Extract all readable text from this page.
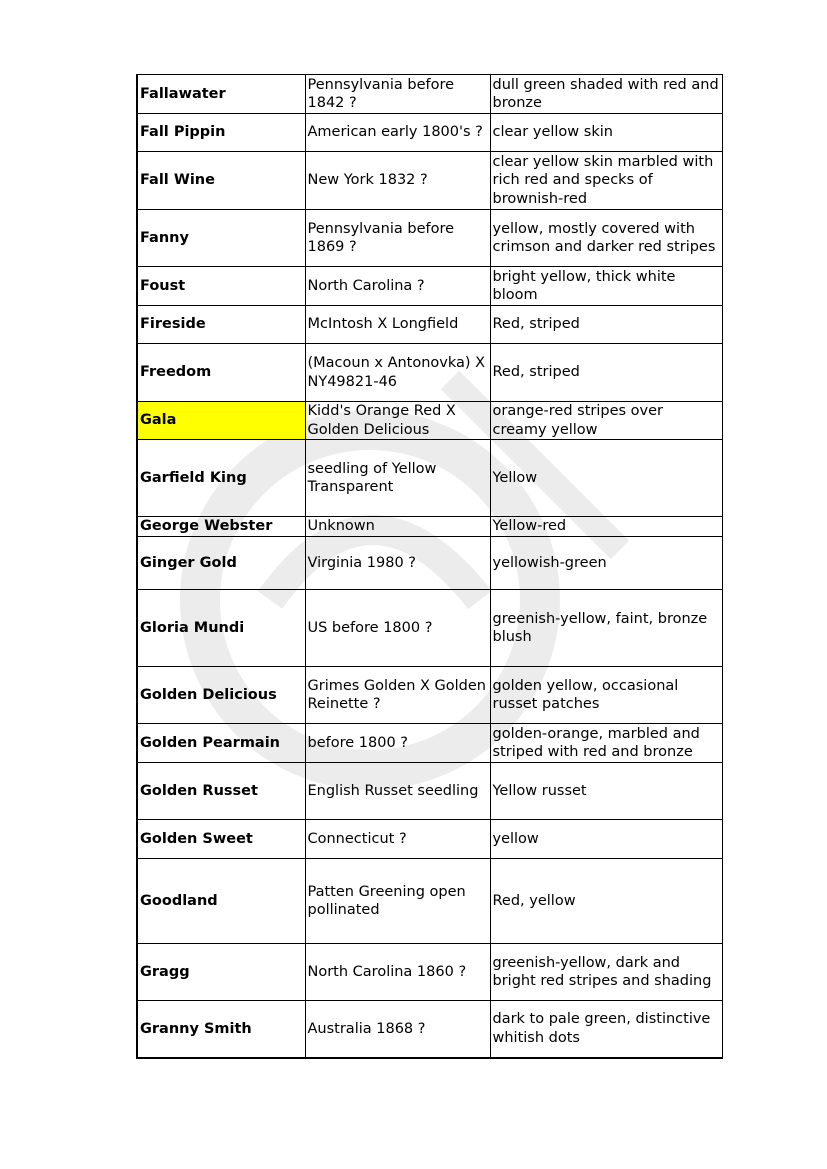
Fallawater	Pennsylvania before 1842 ?	dull green shaded with red and bronze
Fall Pippin	American early 1800's ?	clear yellow skin
Fall Wine	New York 1832 ?	clear yellow skin marbled with rich red and specks of brownish-red
Fanny	Pennsylvania before 1869 ?	yellow, mostly covered with crimson and darker red stripes
Foust	North Carolina ?	bright yellow, thick white bloom
Fireside	McIntosh X Longfield	Red, striped
Freedom	(Macoun x Antonovka) X NY49821-46	Red, striped
Gala	Kidd's Orange Red X Golden Delicious	orange-red stripes over creamy yellow
Garfield King	seedling of Yellow Transparent	Yellow
George Webster	Unknown	Yellow-red
Ginger Gold	Virginia 1980 ?	yellowish-green
Gloria Mundi	US before 1800 ?	greenish-yellow, faint, bronze blush
Golden Delicious	Grimes Golden X Golden Reinette ?	golden yellow, occasional russet patches
Golden Pearmain	before 1800 ?	golden-orange, marbled and striped with red and bronze
Golden Russet	English Russet seedling	Yellow russet
Golden Sweet	Connecticut ?	yellow
Goodland	Patten Greening open pollinated	Red, yellow
Gragg	North Carolina 1860 ?	greenish-yellow, dark and bright red stripes and shading
Granny Smith	Australia 1868 ?	dark to pale green, distinctive whitish dots
